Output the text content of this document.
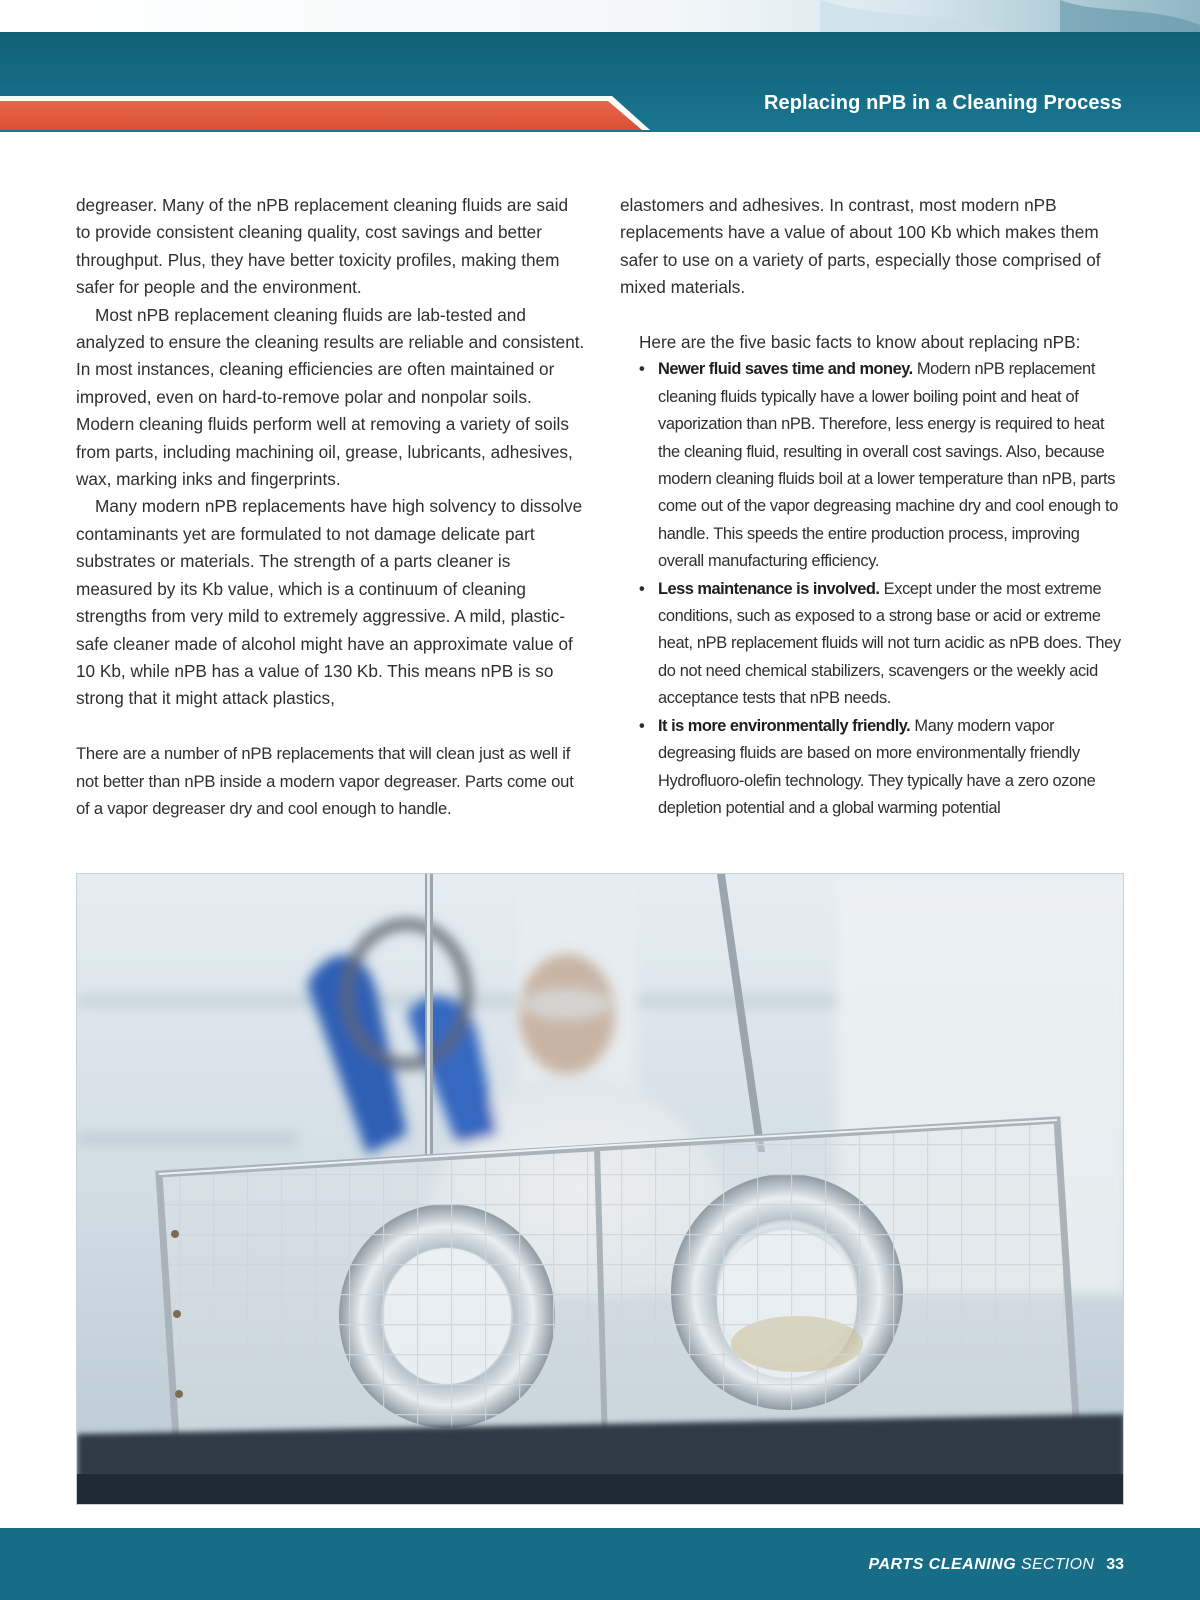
Replacing nPB in a Cleaning Process

degreaser. Many of the nPB replacement cleaning fluids are said to provide consistent cleaning quality, cost savings and better throughput. Plus, they have better toxicity profiles, making them safer for people and the environment.

Most nPB replacement cleaning fluids are lab-tested and analyzed to ensure the cleaning results are reliable and consistent. In most instances, cleaning efficiencies are often maintained or improved, even on hard-to-remove polar and nonpolar soils. Modern cleaning fluids perform well at removing a variety of soils from parts, including machining oil, grease, lubricants, adhesives, wax, marking inks and fingerprints.

Many modern nPB replacements have high solvency to dissolve contaminants yet are formulated to not damage delicate part substrates or materials. The strength of a parts cleaner is measured by its Kb value, which is a continuum of cleaning strengths from very mild to extremely aggressive. A mild, plastic-safe cleaner made of alcohol might have an approximate value of 10 Kb, while nPB has a value of 130 Kb. This means nPB is so strong that it might attack plastics,

There are a number of nPB replacements that will clean just as well if not better than nPB inside a modern vapor degreaser. Parts come out of a vapor degreaser dry and cool enough to handle.

elastomers and adhesives. In contrast, most modern nPB replacements have a value of about 100 Kb which makes them safer to use on a variety of parts, especially those comprised of mixed materials.

Here are the five basic facts to know about replacing nPB:

• Newer fluid saves time and money. Modern nPB replacement cleaning fluids typically have a lower boiling point and heat of vaporization than nPB. Therefore, less energy is required to heat the cleaning fluid, resulting in overall cost savings. Also, because modern cleaning fluids boil at a lower temperature than nPB, parts come out of the vapor degreasing machine dry and cool enough to handle. This speeds the entire production process, improving overall manufacturing efficiency.
• Less maintenance is involved. Except under the most extreme conditions, such as exposed to a strong base or acid or extreme heat, nPB replacement fluids will not turn acidic as nPB does. They do not need chemical stabilizers, scavengers or the weekly acid acceptance tests that nPB needs.
• It is more environmentally friendly. Many modern vapor degreasing fluids are based on more environmentally friendly Hydrofluoro-olefin technology. They typically have a zero ozone depletion potential and a global warming potential
PARTS CLEANING SECTION 33
